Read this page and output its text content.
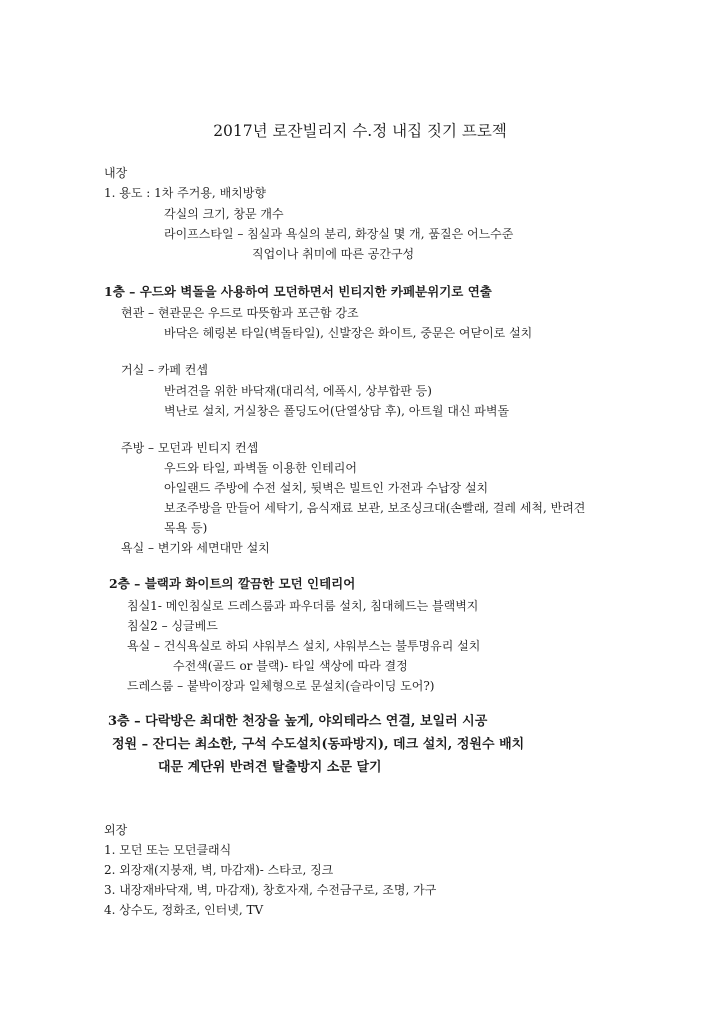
2017년 로잔빌리지 수.정 내집 짓기 프로젝
내장
1. 용도 : 1차 주거용, 배치방향
각실의 크기, 창문 개수
라이프스타일 – 침실과 욕실의 분리, 화장실 몇 개, 품질은 어느수준
직업이나 취미에 따른 공간구성
1층 – 우드와 벽돌을 사용하여 모던하면서 빈티지한 카페분위기로 연출
현관 – 현관문은 우드로 따뜻함과 포근함 강조
바닥은 헤링본 타일(벽돌타일), 신발장은 화이트, 중문은 여닫이로 설치
거실 – 카페 컨셉
반려견을 위한 바닥재(대리석, 에폭시, 상부합판 등)
벽난로 설치, 거실창은 폴딩도어(단열상담 후), 아트월 대신 파벽돌
주방 – 모던과 빈티지 컨셉
우드와 타일, 파벽돌 이용한 인테리어
아일랜드 주방에 수전 설치, 뒷벽은 빌트인 가전과 수납장 설치
보조주방을 만들어 세탁기, 음식재료 보관, 보조싱크대(손빨래, 걸레 세척, 반려견
목욕 등)
욕실 – 변기와 세면대만 설치
2층 – 블랙과 화이트의 깔끔한 모던 인테리어
침실1- 메인침실로 드레스룸과 파우더룸 설치, 침대헤드는 블랙벽지
침실2 – 싱글베드
욕실 – 건식욕실로 하되 샤워부스 설치, 샤워부스는 불투명유리 설치
수전색(골드 or 블랙)- 타일 색상에 따라 결정
드레스룸 – 붙박이장과 일체형으로 문설치(슬라이딩 도어?)
3층 – 다락방은 최대한 천장을 높게, 야외테라스 연결, 보일러 시공
정원 – 잔디는 최소한, 구석 수도설치(동파방지), 데크 설치, 정원수 배치
대문 계단위 반려견 탈출방지 소문 달기
외장
1. 모던 또는 모던클래식
2. 외장재(지붕재, 벽, 마감재)- 스타코, 징크
3. 내장재바닥재, 벽, 마감재), 창호자재, 수전금구로, 조명, 가구
4. 상수도, 정화조, 인터넷, TV
